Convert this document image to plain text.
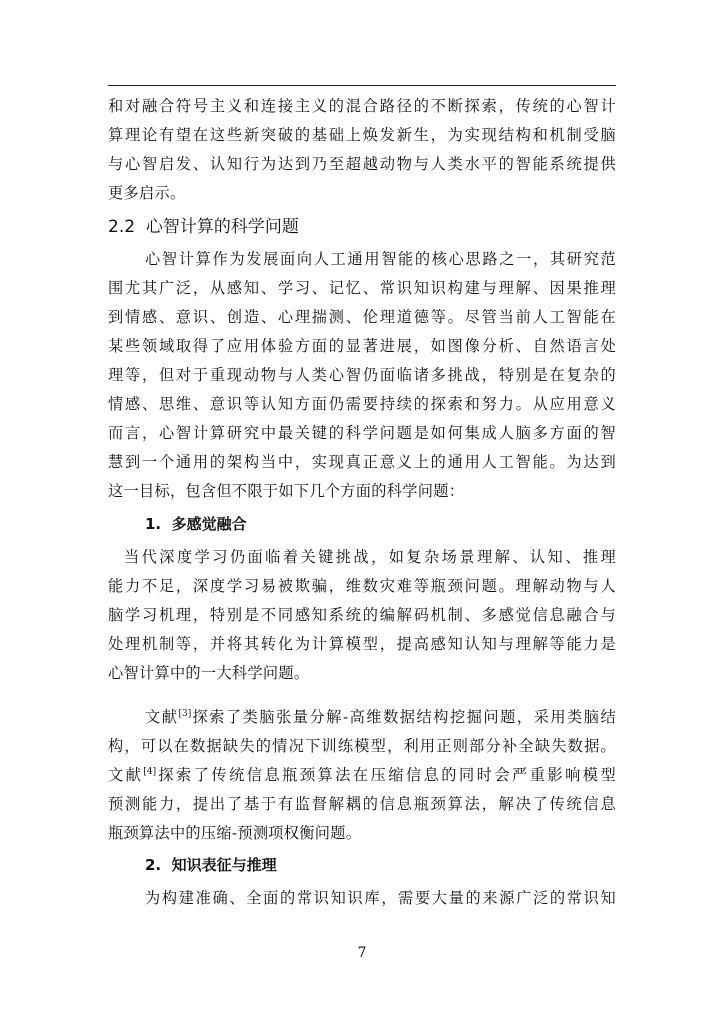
和对融合符号主义和连接主义的混合路径的不断探索，传统的心智计
算理论有望在这些新突破的基础上焕发新生，为实现结构和机制受脑
与心智启发、认知行为达到乃至超越动物与人类水平的智能系统提供
更多启示。
2.2 心智计算的科学问题
心智计算作为发展面向人工通用智能的核心思路之一，其研究范
围尤其广泛，从感知、学习、记忆、常识知识构建与理解、因果推理
到情感、意识、创造、心理揣测、伦理道德等。尽管当前人工智能在
某些领域取得了应用体验方面的显著进展，如图像分析、自然语言处
理等，但对于重现动物与人类心智仍面临诸多挑战，特别是在复杂的
情感、思维、意识等认知方面仍需要持续的探索和努力。从应用意义
而言，心智计算研究中最关键的科学问题是如何集成人脑多方面的智
慧到一个通用的架构当中，实现真正意义上的通用人工智能。为达到
这一目标，包含但不限于如下几个方面的科学问题：
1. 多感觉融合
当代深度学习仍面临着关键挑战，如复杂场景理解、认知、推理
能力不足，深度学习易被欺骗，维数灾难等瓶颈问题。理解动物与人
脑学习机理，特别是不同感知系统的编解码机制、多感觉信息融合与
处理机制等，并将其转化为计算模型，提高感知认知与理解等能力是
心智计算中的一大科学问题。
文献[3]探索了类脑张量分解-高维数据结构挖掘问题，采用类脑结
构，可以在数据缺失的情况下训练模型，利用正则部分补全缺失数据。
文献[4]探索了传统信息瓶颈算法在压缩信息的同时会严重影响模型
预测能力，提出了基于有监督解耦的信息瓶颈算法，解决了传统信息
瓶颈算法中的压缩-预测项权衡问题。
2. 知识表征与推理
为构建准确、全面的常识知识库，需要大量的来源广泛的常识知
7
